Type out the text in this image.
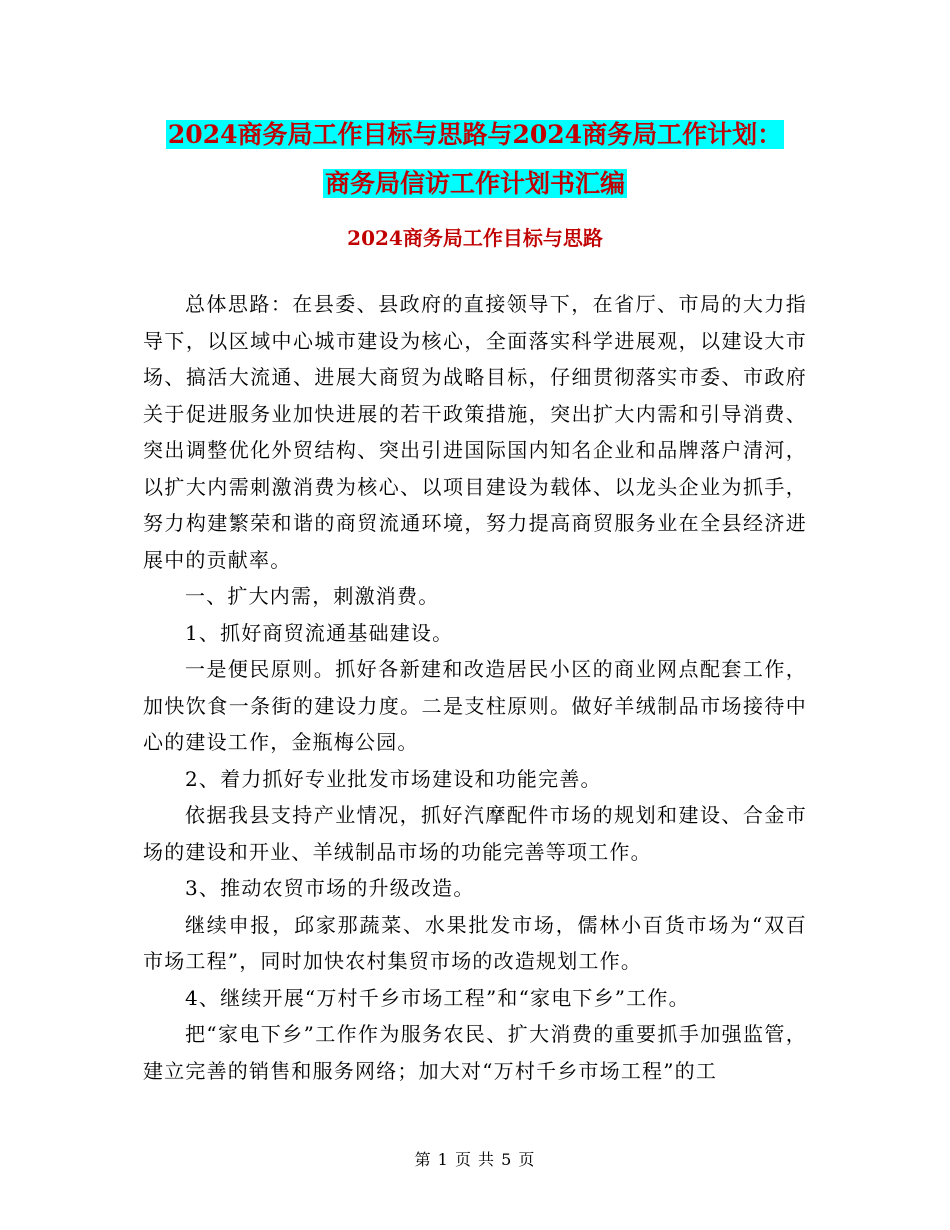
2024商务局工作目标与思路与2024商务局工作计划：
商务局信访工作计划书汇编
2024商务局工作目标与思路

总体思路：在县委、县政府的直接领导下，在省厅、市局的大力指导下，以区域中心城市建设为核心，全面落实科学进展观，以建设大市场、搞活大流通、进展大商贸为战略目标，仔细贯彻落实市委、市政府关于促进服务业加快进展的若干政策措施，突出扩大内需和引导消费、突出调整优化外贸结构、突出引进国际国内知名企业和品牌落户清河，以扩大内需刺激消费为核心、以项目建设为载体、以龙头企业为抓手，努力构建繁荣和谐的商贸流通环境，努力提高商贸服务业在全县经济进展中的贡献率。

一、扩大内需，刺激消费。

1、抓好商贸流通基础建设。

一是便民原则。抓好各新建和改造居民小区的商业网点配套工作，加快饮食一条街的建设力度。二是支柱原则。做好羊绒制品市场接待中心的建设工作，金瓶梅公园。

2、着力抓好专业批发市场建设和功能完善。

依据我县支持产业情况，抓好汽摩配件市场的规划和建设、合金市场的建设和开业、羊绒制品市场的功能完善等项工作。

3、推动农贸市场的升级改造。

继续申报，邱家那蔬菜、水果批发市场，儒林小百货市场为“双百市场工程”，同时加快农村集贸市场的改造规划工作。

4、继续开展“万村千乡市场工程”和“家电下乡”工作。

把“家电下乡”工作作为服务农民、扩大消费的重要抓手加强监管，建立完善的销售和服务网络；加大对“万村千乡市场工程”的工

第 1 页 共 5 页
